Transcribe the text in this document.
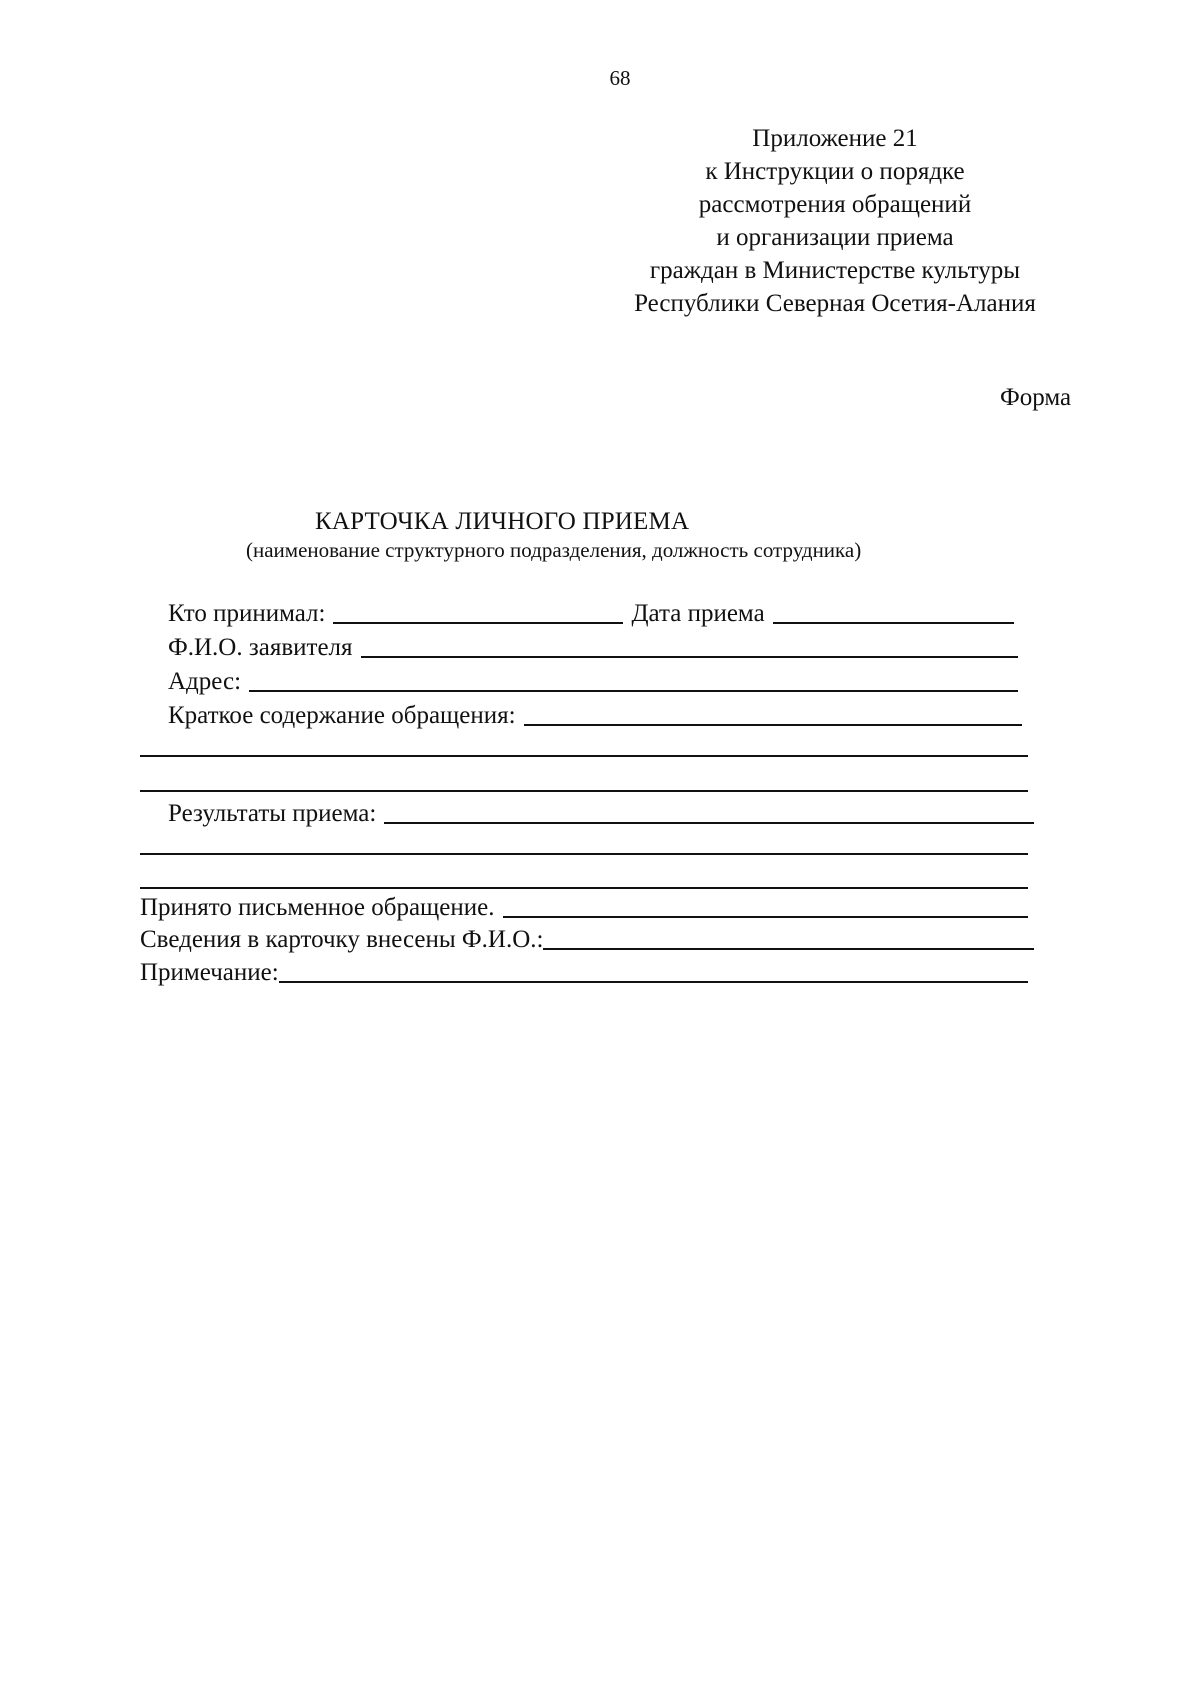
68
Приложение 21
к Инструкции о порядке
рассмотрения обращений
и организации приема
граждан в Министерстве культуры
Республики Северная Осетия-Алания
Форма
КАРТОЧКА ЛИЧНОГО ПРИЕМА
(наименование структурного подразделения, должность сотрудника)
Кто принимал:	Дата приема
Ф.И.О. заявителя
Адрес:
Краткое содержание обращения:
Результаты приема:
Принято письменное обращение.
Сведения в карточку внесены Ф.И.О.:
Примечание:
